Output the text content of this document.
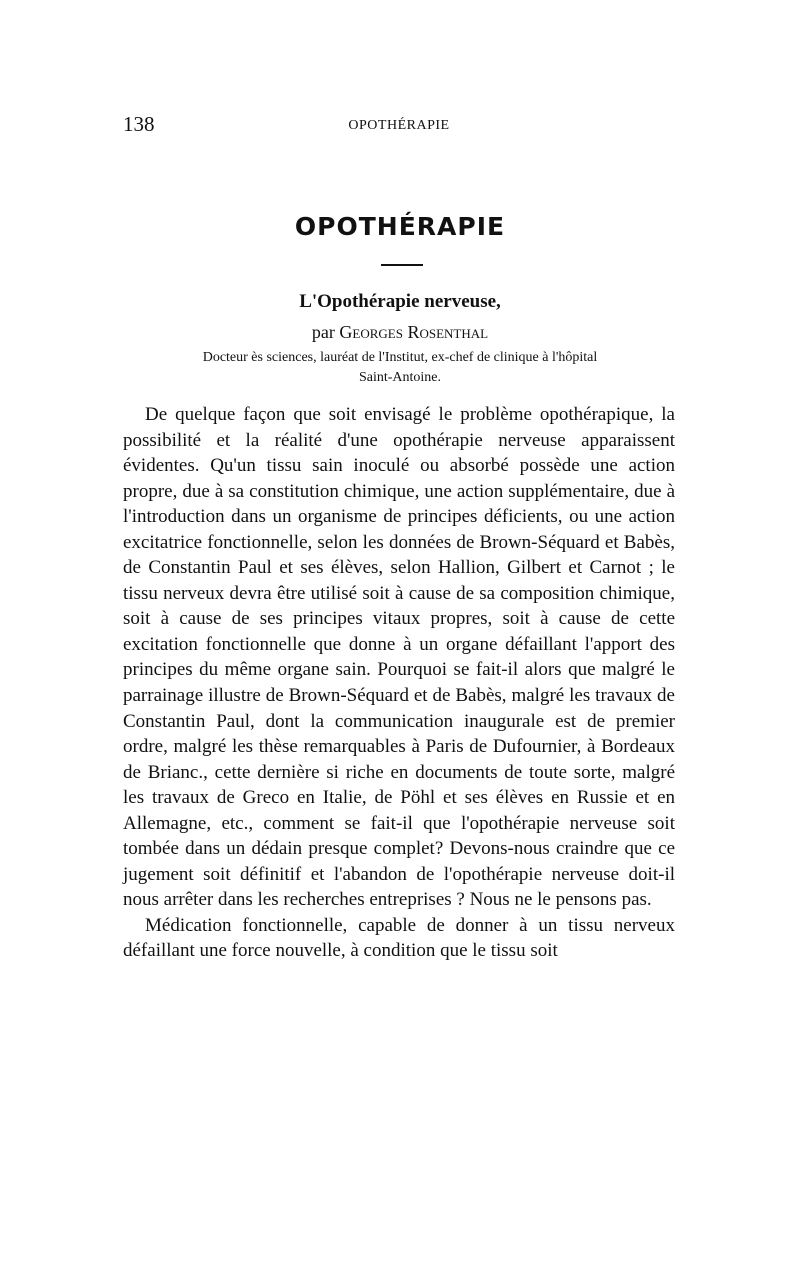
138	OPOTHÉRAPIE
OPOTHÉRAPIE
L'Opothérapie nerveuse,
par Georges Rosenthal
Docteur ès sciences, lauréat de l'Institut, ex-chef de clinique à l'hôpital
Saint-Antoine.

De quelque façon que soit envisagé le problème opothérapique, la possibilité et la réalité d'une opothérapie nerveuse apparaissent évidentes. Qu'un tissu sain inoculé ou absorbé possède une action propre, due à sa constitution chimique, une action supplémentaire, due à l'introduction dans un organisme de principes déficients, ou une action excitatrice fonctionnelle, selon les données de Brown-Séquard et Babès, de Constantin Paul et ses élèves, selon Hallion, Gilbert et Carnot ; le tissu nerveux devra être utilisé soit à cause de sa composition chimique, soit à cause de ses principes vitaux propres, soit à cause de cette excitation fonctionnelle que donne à un organe défaillant l'apport des principes du même organe sain. Pourquoi se fait-il alors que malgré le parrainage illustre de Brown-Séquard et de Babès, malgré les travaux de Constantin Paul, dont la communication inaugurale est de premier ordre, malgré les thèse remarquables à Paris de Dufournier, à Bordeaux de Brianc., cette dernière si riche en documents de toute sorte, malgré les travaux de Greco en Italie, de Pöhl et ses élèves en Russie et en Allemagne, etc., comment se fait-il que l'opothérapie nerveuse soit tombée dans un dédain presque complet? Devons-nous craindre que ce jugement soit définitif et l'abandon de l'opothérapie nerveuse doit-il nous arrêter dans les recherches entreprises ? Nous ne le pensons pas.

Médication fonctionnelle, capable de donner à un tissu nerveux défaillant une force nouvelle, à condition que le tissu soit
